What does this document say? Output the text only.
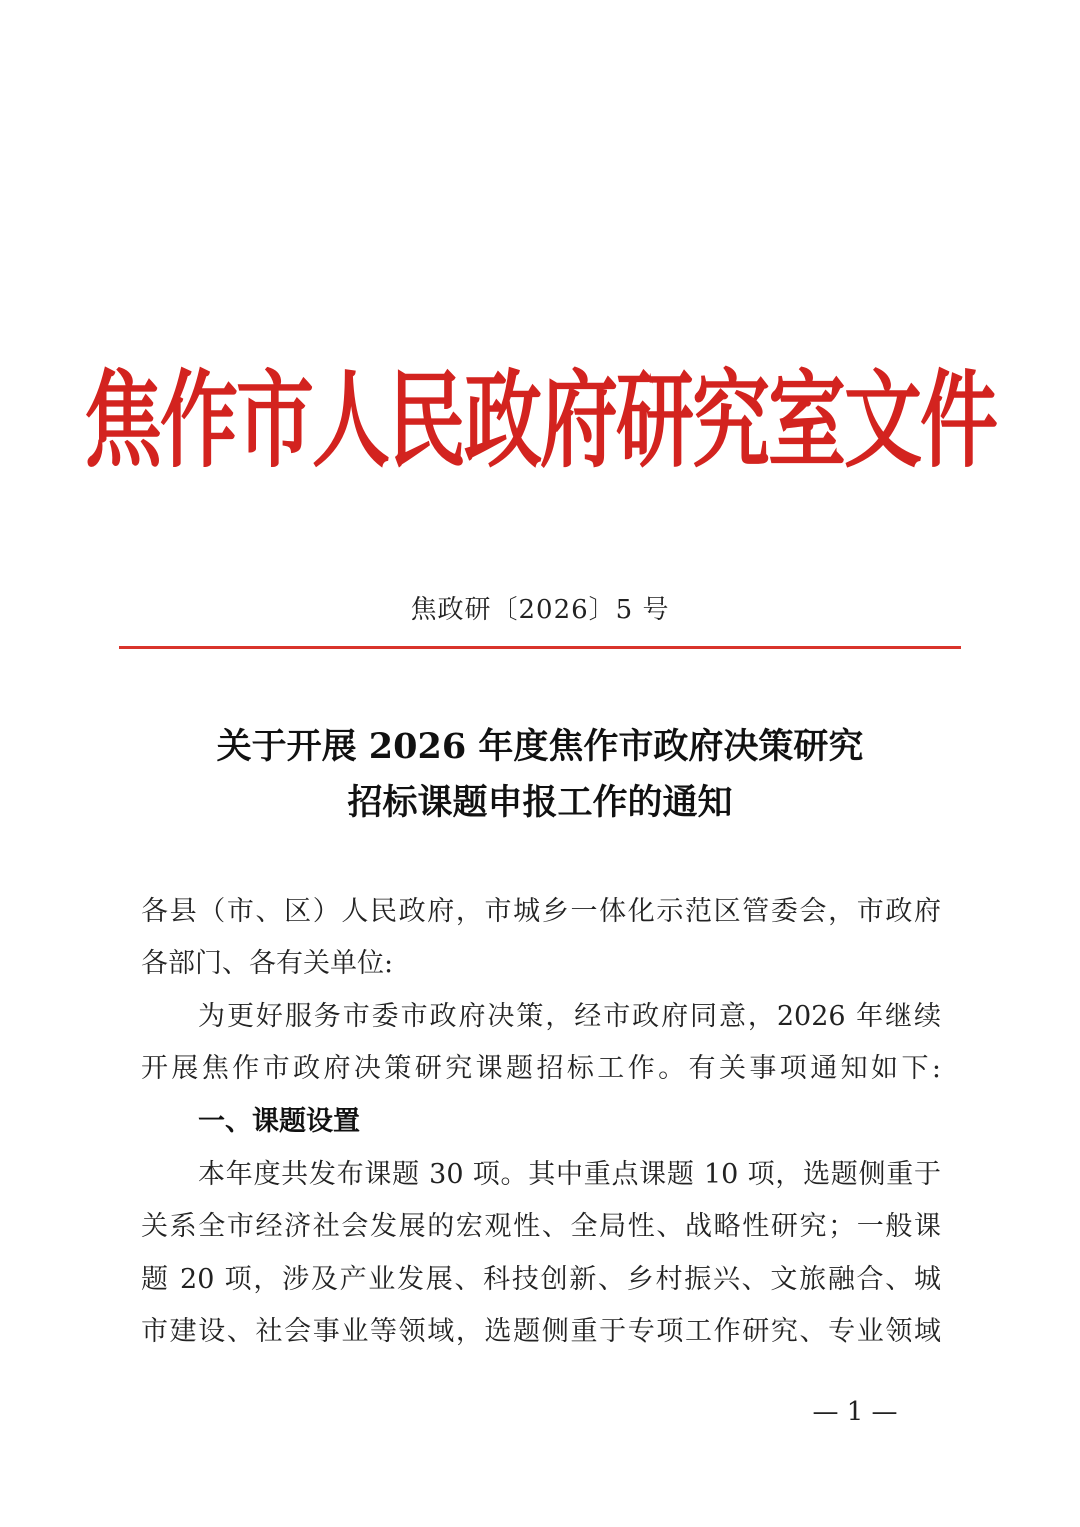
焦作市人民政府研究室文件
焦政研〔2026〕5 号
关于开展 2026 年度焦作市政府决策研究
招标课题申报工作的通知
各县（市、区）人民政府，市城乡一体化示范区管委会，市政府
各部门、各有关单位:
为更好服务市委市政府决策，经市政府同意，2026 年继续
开展焦作市政府决策研究课题招标工作。有关事项通知如下:
一、课题设置
本年度共发布课题 30 项。其中重点课题 10 项，选题侧重于
关系全市经济社会发展的宏观性、全局性、战略性研究；一般课
题 20 项，涉及产业发展、科技创新、乡村振兴、文旅融合、城
市建设、社会事业等领域，选题侧重于专项工作研究、专业领域
— 1 —
